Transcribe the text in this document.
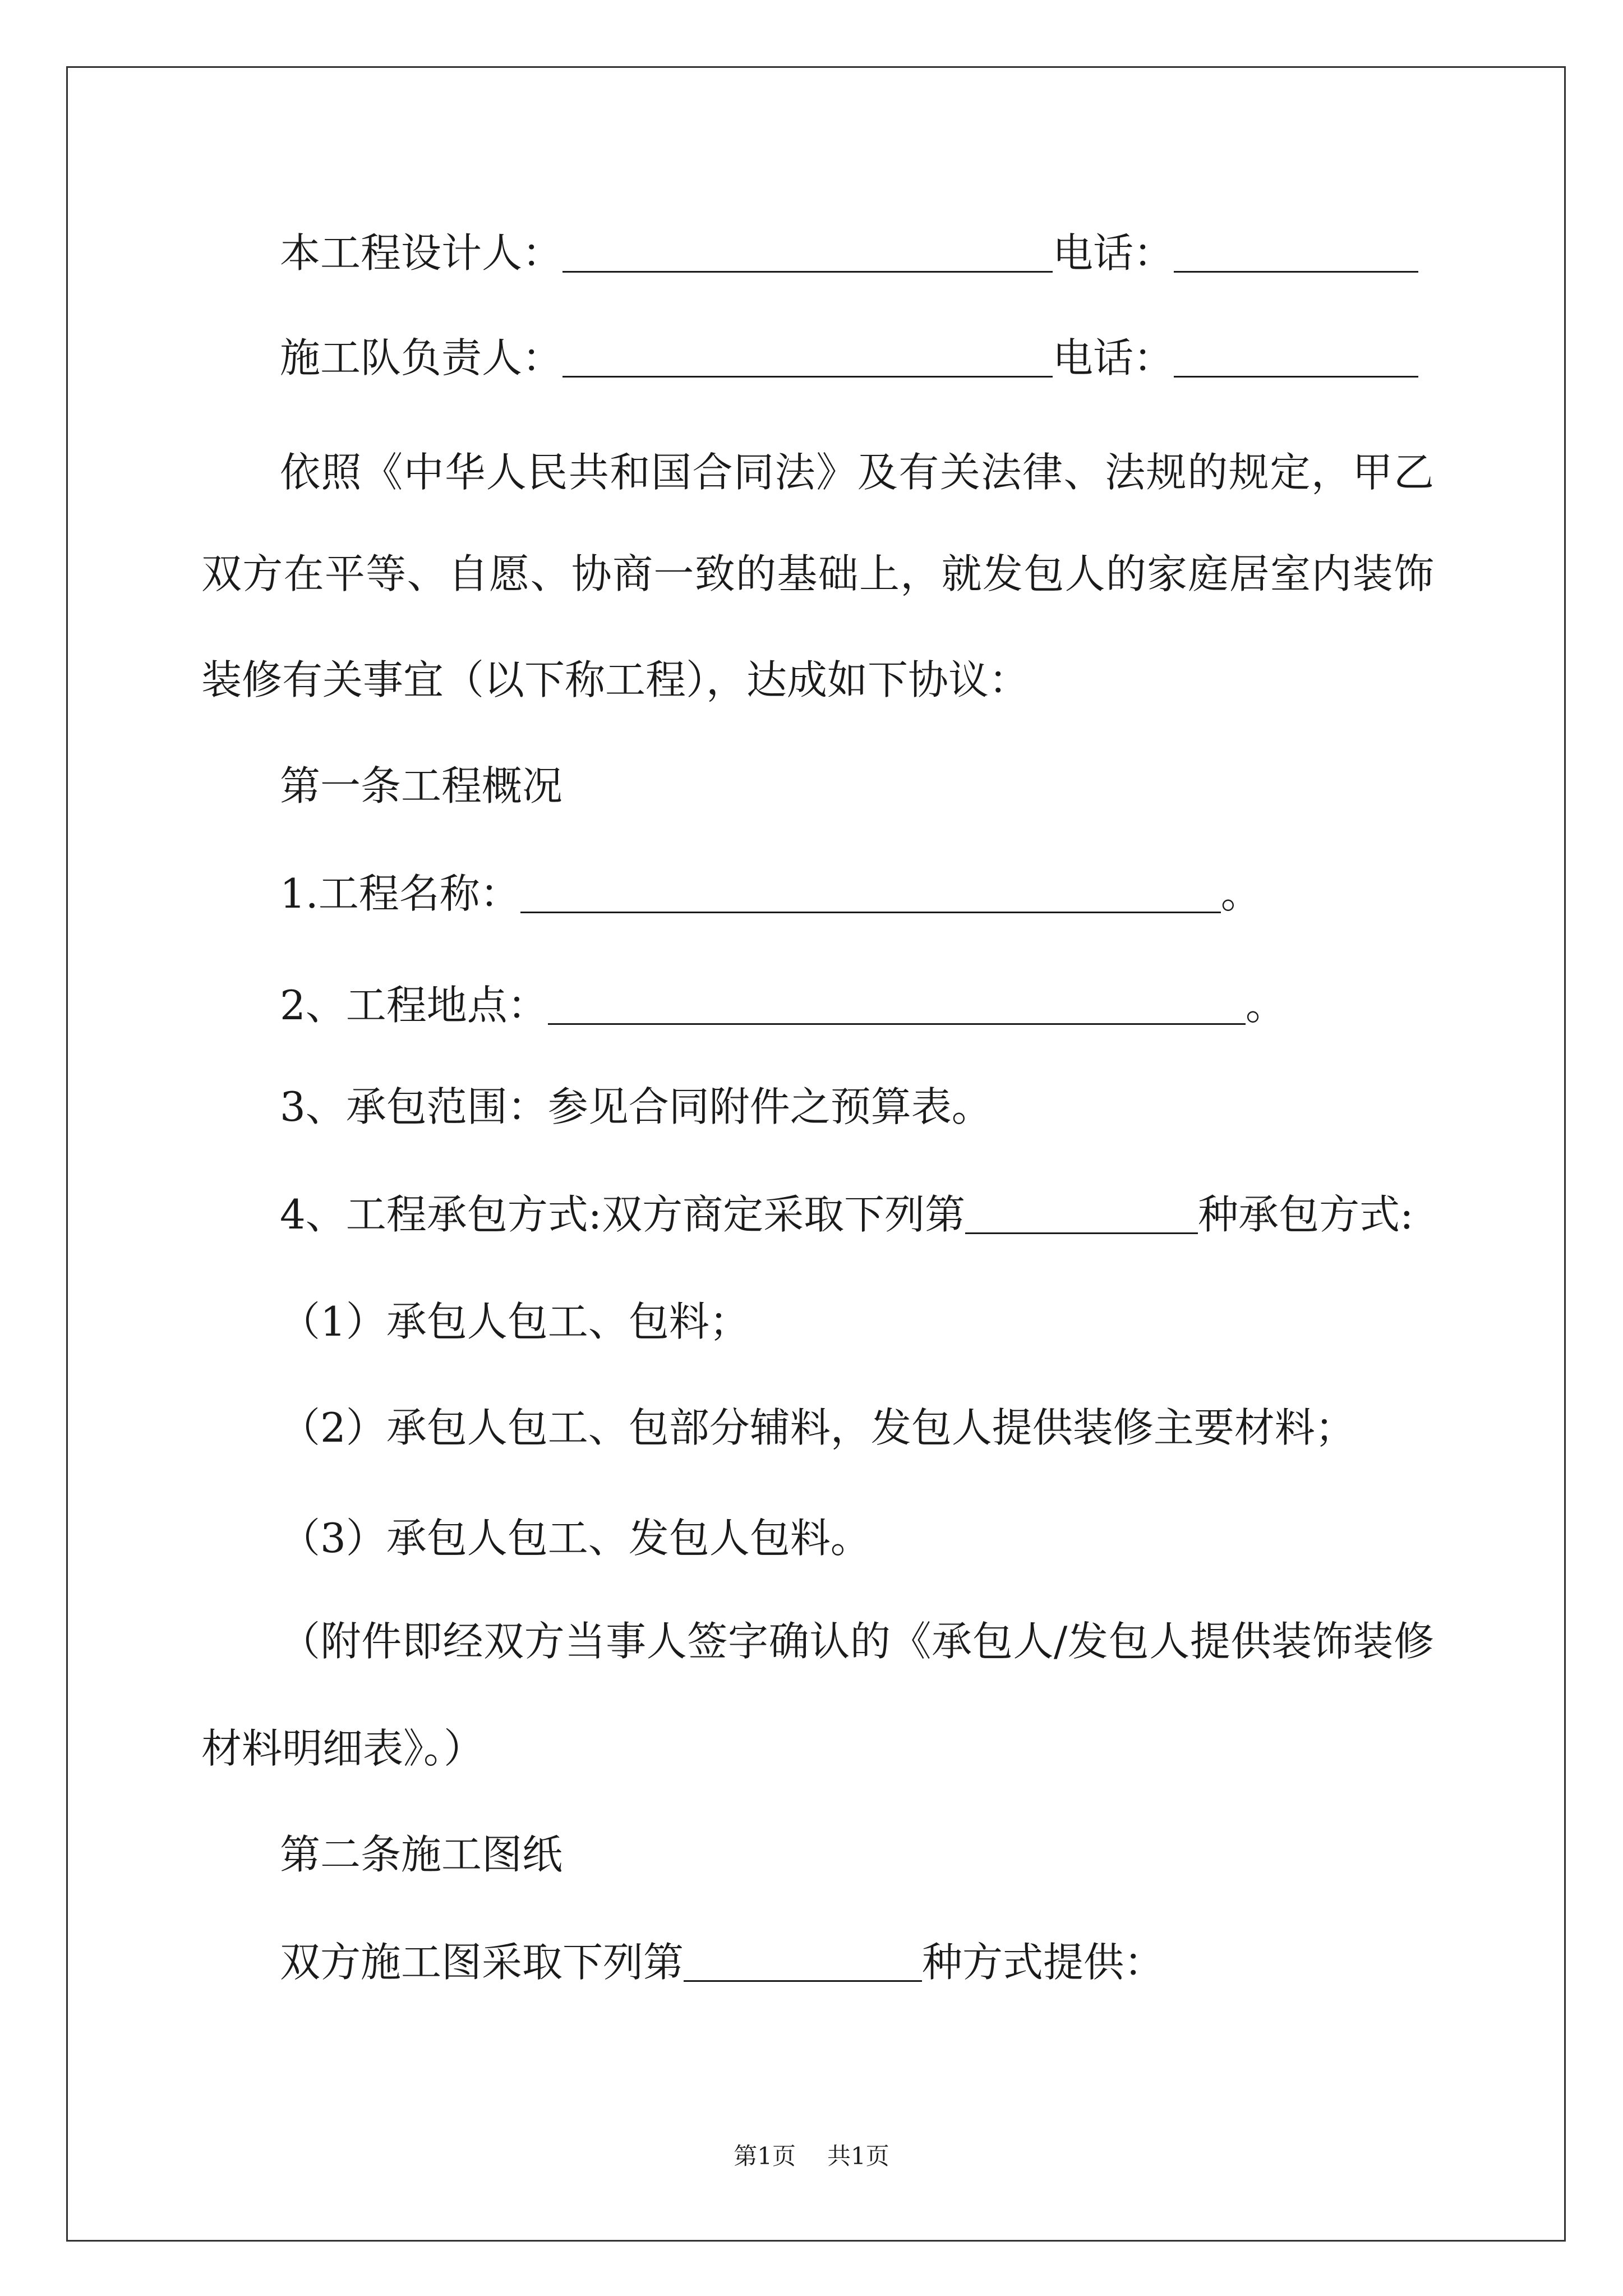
本工程设计人：	电话：
施工队负责人：	电话：
依照《中华人民共和国合同法》及有关法律、法规的规定，甲乙
双方在平等、自愿、协商一致的基础上，就发包人的家庭居室内装饰
装修有关事宜（以下称工程），达成如下协议：
第一条工程概况
1.工程名称：	。
2、工程地点：	。
3、承包范围：参见合同附件之预算表。
4、工程承包方式:双方商定采取下列第	种承包方式:
（1）承包人包工、包料；
（2）承包人包工、包部分辅料，发包人提供装修主要材料；
（3）承包人包工、发包人包料。
（附件即经双方当事人签字确认的《承包人/发包人提供装饰装修
材料明细表》。）
第二条施工图纸
双方施工图采取下列第	种方式提供：
第1页 共1页
